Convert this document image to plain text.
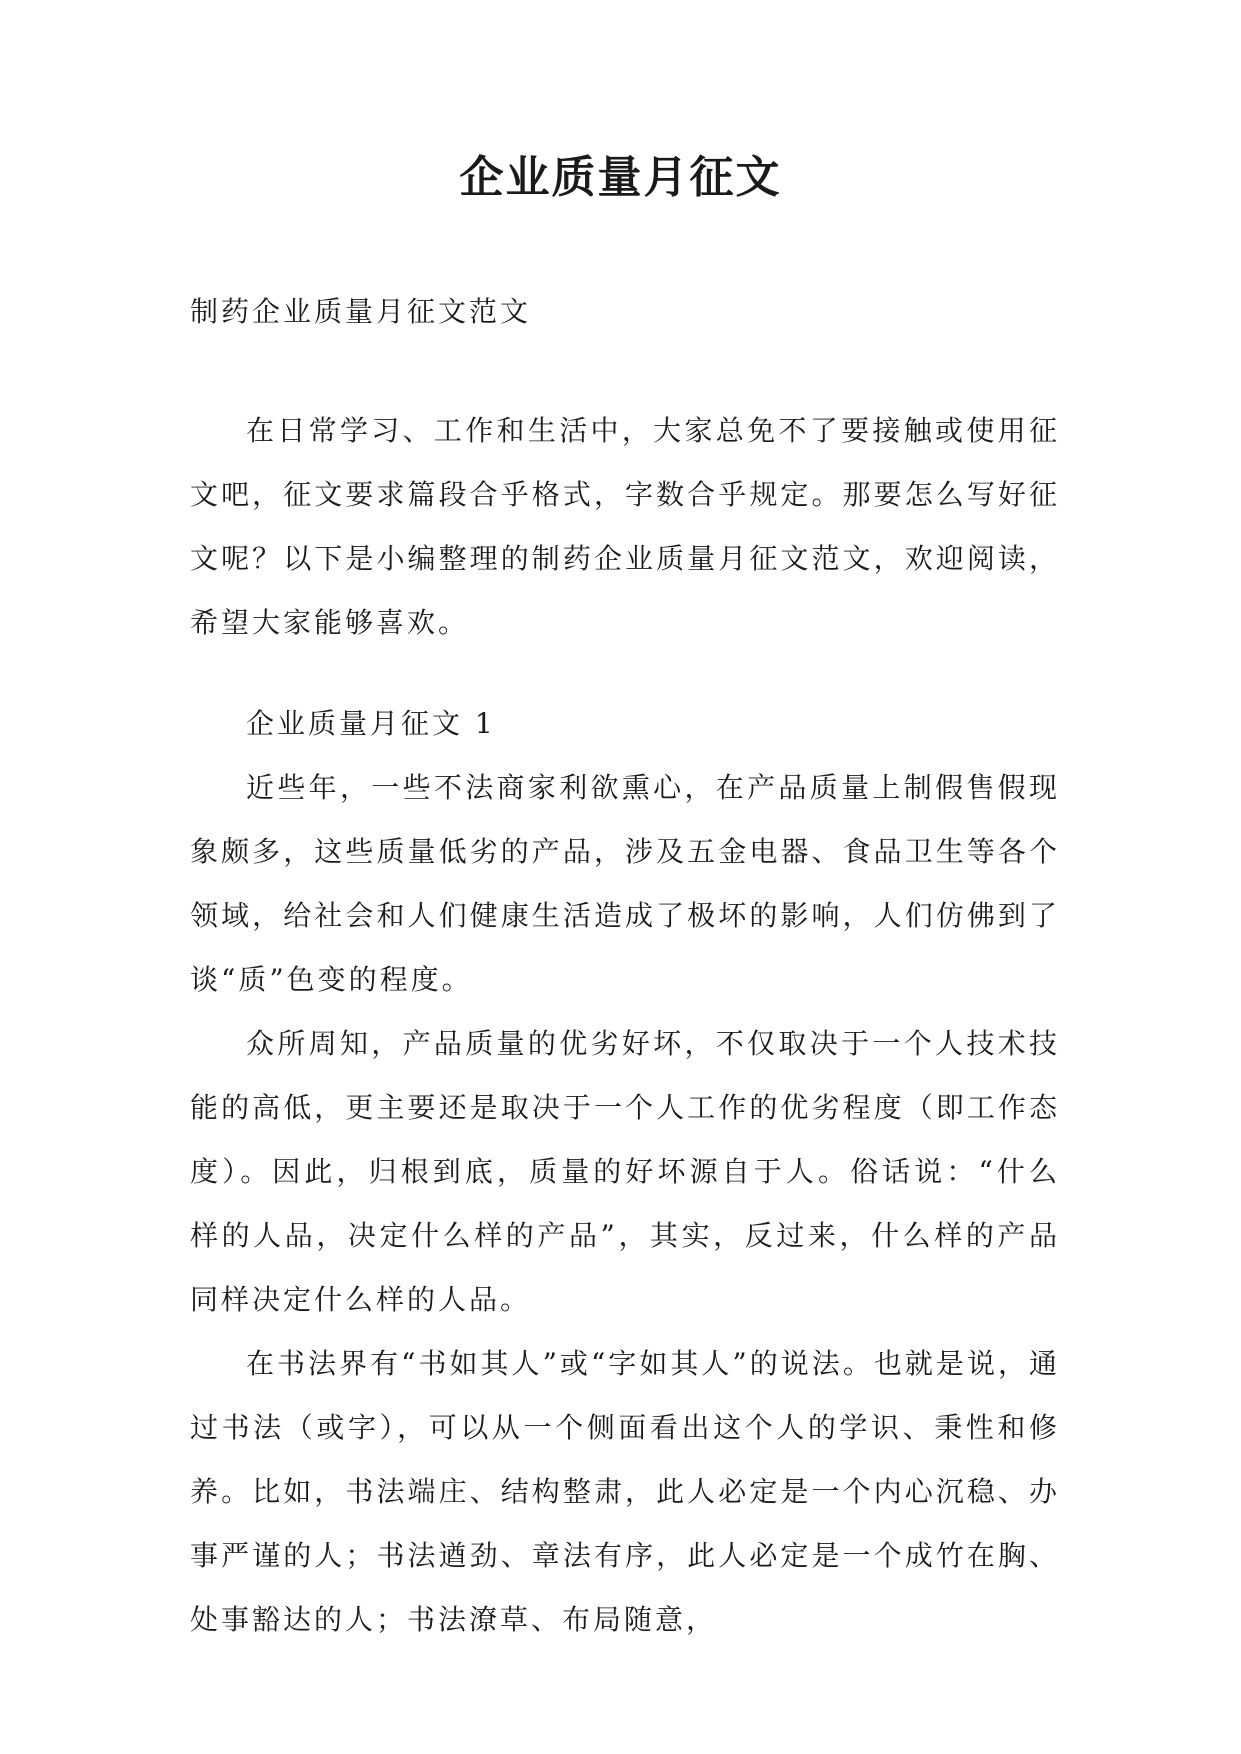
企业质量月征文

制药企业质量月征文范文

在日常学习、工作和生活中，大家总免不了要接触或使用征文吧，征文要求篇段合乎格式，字数合乎规定。那要怎么写好征文呢？以下是小编整理的制药企业质量月征文范文，欢迎阅读，希望大家能够喜欢。

企业质量月征文 1

近些年，一些不法商家利欲熏心，在产品质量上制假售假现象颇多，这些质量低劣的产品，涉及五金电器、食品卫生等各个领域，给社会和人们健康生活造成了极坏的影响，人们仿佛到了谈“质”色变的程度。

众所周知，产品质量的优劣好坏，不仅取决于一个人技术技能的高低，更主要还是取决于一个人工作的优劣程度（即工作态度）。因此，归根到底，质量的好坏源自于人。俗话说：“什么样的人品，决定什么样的产品”，其实，反过来，什么样的产品同样决定什么样的人品。

在书法界有“书如其人”或“字如其人”的说法。也就是说，通过书法（或字），可以从一个侧面看出这个人的学识、秉性和修养。比如，书法端庄、结构整肃，此人必定是一个内心沉稳、办事严谨的人；书法遒劲、章法有序，此人必定是一个成竹在胸、处事豁达的人；书法潦草、布局随意，
